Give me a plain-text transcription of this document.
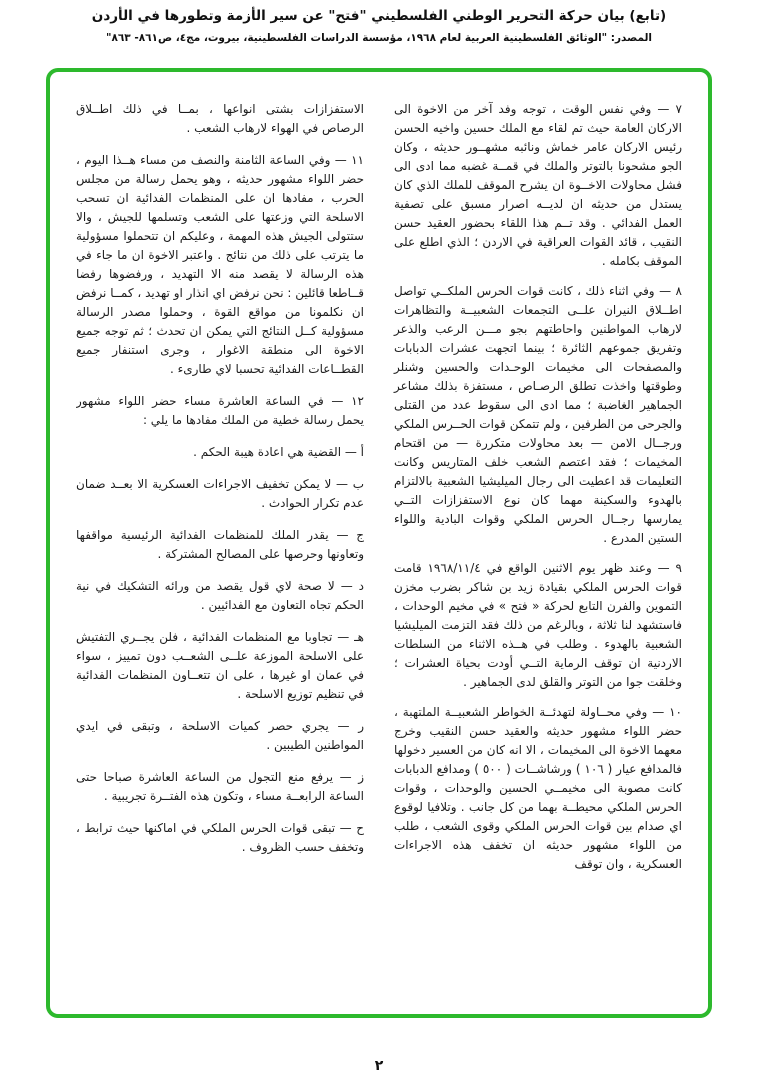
(تابع) بيان حركة التحرير الوطني الفلسطيني "فتح" عن سير الأزمة وتطورها في الأردن
المصدر: "الوثائق الفلسطينية العربية لعام ١٩٦٨، مؤسسة الدراسات الفلسطينية، بيروت، مج٤، ص٨٦١- ٨٦٣"

٧ — وفي نفس الوقت ، توجه وفد آخر من الاخوة الى الاركان العامة حيث تم لقاء مع الملك حسين واخيه الحسن رئيس الاركان عامر خماش ونائبه مشهــور حديثه ، وكان الجو مشحونا بالتوتر والملك في قمــة غضبه مما ادى الى فشل محاولات الاخــوة ان يشرح الموقف للملك الذي كان يستدل من حديثه ان لديــه اصرار مسبق على تصفية العمل الفدائي . وقد تــم هذا اللقاء بحضور العقيد حسن النقيب ، قائد القوات العراقية في الاردن ؛ الذي اطلع على الموقف بكامله .

٨ — وفي اثناء ذلك ، كانت قوات الحرس الملكــي تواصل اطــلاق النيران علــى التجمعات الشعبيــة والتظاهرات لارهاب المواطنين واحاطتهم بجو مـــن الرعب والذعر وتفريق جموعهم الثائرة ؛ بينما اتجهت عشرات الدبابات والمصفحات الى مخيمات الوحـدات والحسين وشنلر وطوقتها واخذت تطلق الرصـاص ، مستفزة بذلك مشاعر الجماهير الغاضبة ؛ مما ادى الى سقوط عدد من القتلى والجرحى من الطرفين ، ولم تتمكن قوات الحــرس الملكي ورجــال الامن — بعد محاولات متكررة — من اقتحام المخيمات ؛ فقد اعتصم الشعب خلف المتاريس وكانت التعليمات قد اعطيت الى رجال الميليشيا الشعبية بالالتزام بالهدوء والسكينة مهما كان نوع الاستفزازات التــي يمارسها رجــال الحرس الملكي وقوات البادية واللواء الستين المدرع .

٩ — وعند ظهر يوم الاثنين الواقع في ١٩٦٨/١١/٤ قامت قوات الحرس الملكي بقيادة زيد بن شاكر بضرب مخزن التموين والفرن التابع لحركة « فتح » في مخيم الوحدات ، فاستشهد لنا ثلاثة ، وبالرغم من ذلك فقد التزمت الميليشيا الشعبية بالهدوء . وطلب في هــذه الاثناء من السلطات الاردنية ان توقف الرماية التــي أودت بحياة العشرات ؛ وخلقت جوا من التوتر والقلق لدى الجماهير .

١٠ — وفي محــاولة لتهدئــة الخواطر الشعبيــة الملتهبة ، حضر اللواء مشهور حديثه والعقيد حسن النقيب وخرج معهما الاخوة الى المخيمات ، الا انه كان من العسير دخولها فالمدافع عيار ( ١٠٦ ) ورشاشــات ( ٥٠٠ ) ومدافع الدبابات كانت مصوبة الى مخيمــي الحسين والوحدات ، وقوات الحرس الملكي محيطــة بهما من كل جانب . وتلافيا لوقوع اي صدام بين قوات الحرس الملكي وقوى الشعب ، طلب من اللواء مشهور حديثه ان تخفف هذه الاجراءات العسكرية ، وان توقف

الاستفزازات بشتى انواعها ، بمــا في ذلك اطــلاق الرصاص في الهواء لارهاب الشعب .

١١ — وفي الساعة الثامنة والنصف من مساء هــذا اليوم ، حضر اللواء مشهور حديثه ، وهو يحمل رسالة من مجلس الحرب ، مفادها ان على المنظمات الفدائية ان تسحب الاسلحة التي وزعتها على الشعب وتسلمها للجيش ، والا ستتولى الجيش هذه المهمة ، وعليكم ان تتحملوا مسؤولية ما يترتب على ذلك من نتائج . واعتبر الاخوة ان ما جاء في هذه الرسالة لا يقصد منه الا التهديد ، ورفضوها رفضا قــاطعا قائلين : نحن نرفض اي انذار او تهديد ، كمــا نرفض ان نكلمونا من مواقع القوة ، وحملوا مصدر الرسالة مسؤولية كــل النتائج التي يمكن ان تحدث ؛ ثم توجه جميع الاخوة الى منطقة الاغوار ، وجرى استنفار جميع القطــاعات الفدائية تحسبا لاي طارىء .

١٢ — في الساعة العاشرة مساء حضر اللواء مشهور يحمل رسالة خطية من الملك مفادها ما يلي :

أ — القضية هي اعادة هيبة الحكم .

ب — لا يمكن تخفيف الاجراءات العسكرية الا بعــد ضمان عدم تكرار الحوادث .

ج — يقدر الملك للمنظمات الفدائية الرئيسية مواقفها وتعاونها وحرصها على المصالح المشتركة .

د — لا صحة لاي قول يقصد من ورائه التشكيك في نية الحكم تجاه التعاون مع الفدائيين .

هـ — تجاوبا مع المنظمات الفدائية ، فلن يجــري التفتيش على الاسلحة الموزعة علــى الشعــب دون تمييز ، سواء في عمان او غيرها ، على ان تتعــاون المنظمات الفدائية في تنظيم توزيع الاسلحة .

ر — يجري حصر كميات الاسلحة ، وتبقى في ايدي المواطنين الطيبين .

ز — يرفع منع التجول من الساعة العاشرة صباحا حتى الساعة الرابعــة مساء ، وتكون هذه الفتــرة تجريبية .

ح — تبقى قوات الحرس الملكي في اماكنها حيث ترابط ، وتخفف حسب الظروف .

٢
